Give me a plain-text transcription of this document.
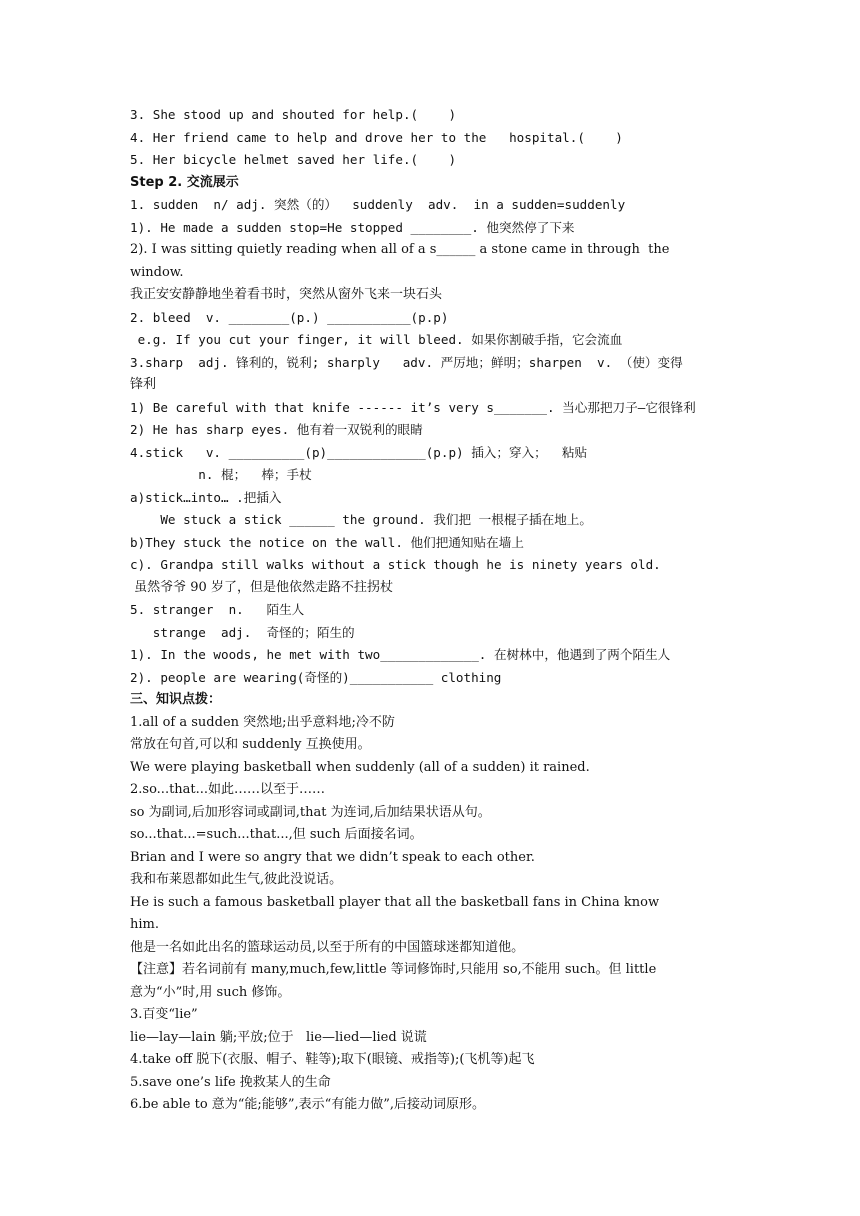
3. She stood up and shouted for help.(    )
4. Her friend came to help and drove her to the   hospital.(    )
5. Her bicycle helmet saved her life.(    )
Step 2. 交流展示
1. sudden  n/ adj. 突然（的）  suddenly  adv.  in a sudden=suddenly
1). He made a sudden stop=He stopped ________. 他突然停了下来
2). I was sitting quietly reading when all of a s______ a stone came in through  the
window.
我正安安静静地坐着看书时，突然从窗外飞来一块石头
2. bleed  v. ________(p.) ___________(p.p)
e.g. If you cut your finger, it will bleed. 如果你割破手指，它会流血
3.sharp  adj. 锋利的，锐利; sharply   adv. 严厉地；鲜明；sharpen  v. （使）变得
锋利
1) Be careful with that knife ------ it’s very s_______. 当心那把刀子—它很锋利
2) He has sharp eyes. 他有着一双锐利的眼睛
4.stick   v. __________(p)_____________(p.p) 插入；穿入；  粘贴
n. 棍；  棒；手杖
a)stick…into… .把插入
We stuck a stick ______ the ground. 我们把 一根棍子插在地上。
b)They stuck the notice on the wall. 他们把通知贴在墙上
c). Grandpa still walks without a stick though he is ninety years old.
虽然爷爷 90 岁了，但是他依然走路不拄拐杖
5. stranger  n.   陌生人
strange  adj.  奇怪的；陌生的
1). In the woods, he met with two_____________. 在树林中，他遇到了两个陌生人
2). people are wearing(奇怪的)___________ clothing
三、知识点拨：
1.all of a sudden 突然地;出乎意料地;冷不防
常放在句首,可以和 suddenly 互换使用。
We were playing basketball when suddenly (all of a sudden) it rained.
2.so...that...如此……以至于……
so 为副词,后加形容词或副词,that 为连词,后加结果状语从句。
so...that...=such...that...,但 such 后面接名词。
Brian and I were so angry that we didn’t speak to each other.
我和布莱恩都如此生气,彼此没说话。
He is such a famous basketball player that all the basketball fans in China know
him.
他是一名如此出名的篮球运动员,以至于所有的中国篮球迷都知道他。
【注意】若名词前有 many,much,few,little 等词修饰时,只能用 so,不能用 such。但 little
意为“小”时,用 such 修饰。
3.百变“lie”
lie—lay—lain 躺;平放;位于   lie—lied—lied 说谎
4.take off 脱下(衣服、帽子、鞋等);取下(眼镜、戒指等);(飞机等)起飞
5.save one’s life 挽救某人的生命
6.be able to 意为“能;能够”,表示“有能力做”,后接动词原形。
